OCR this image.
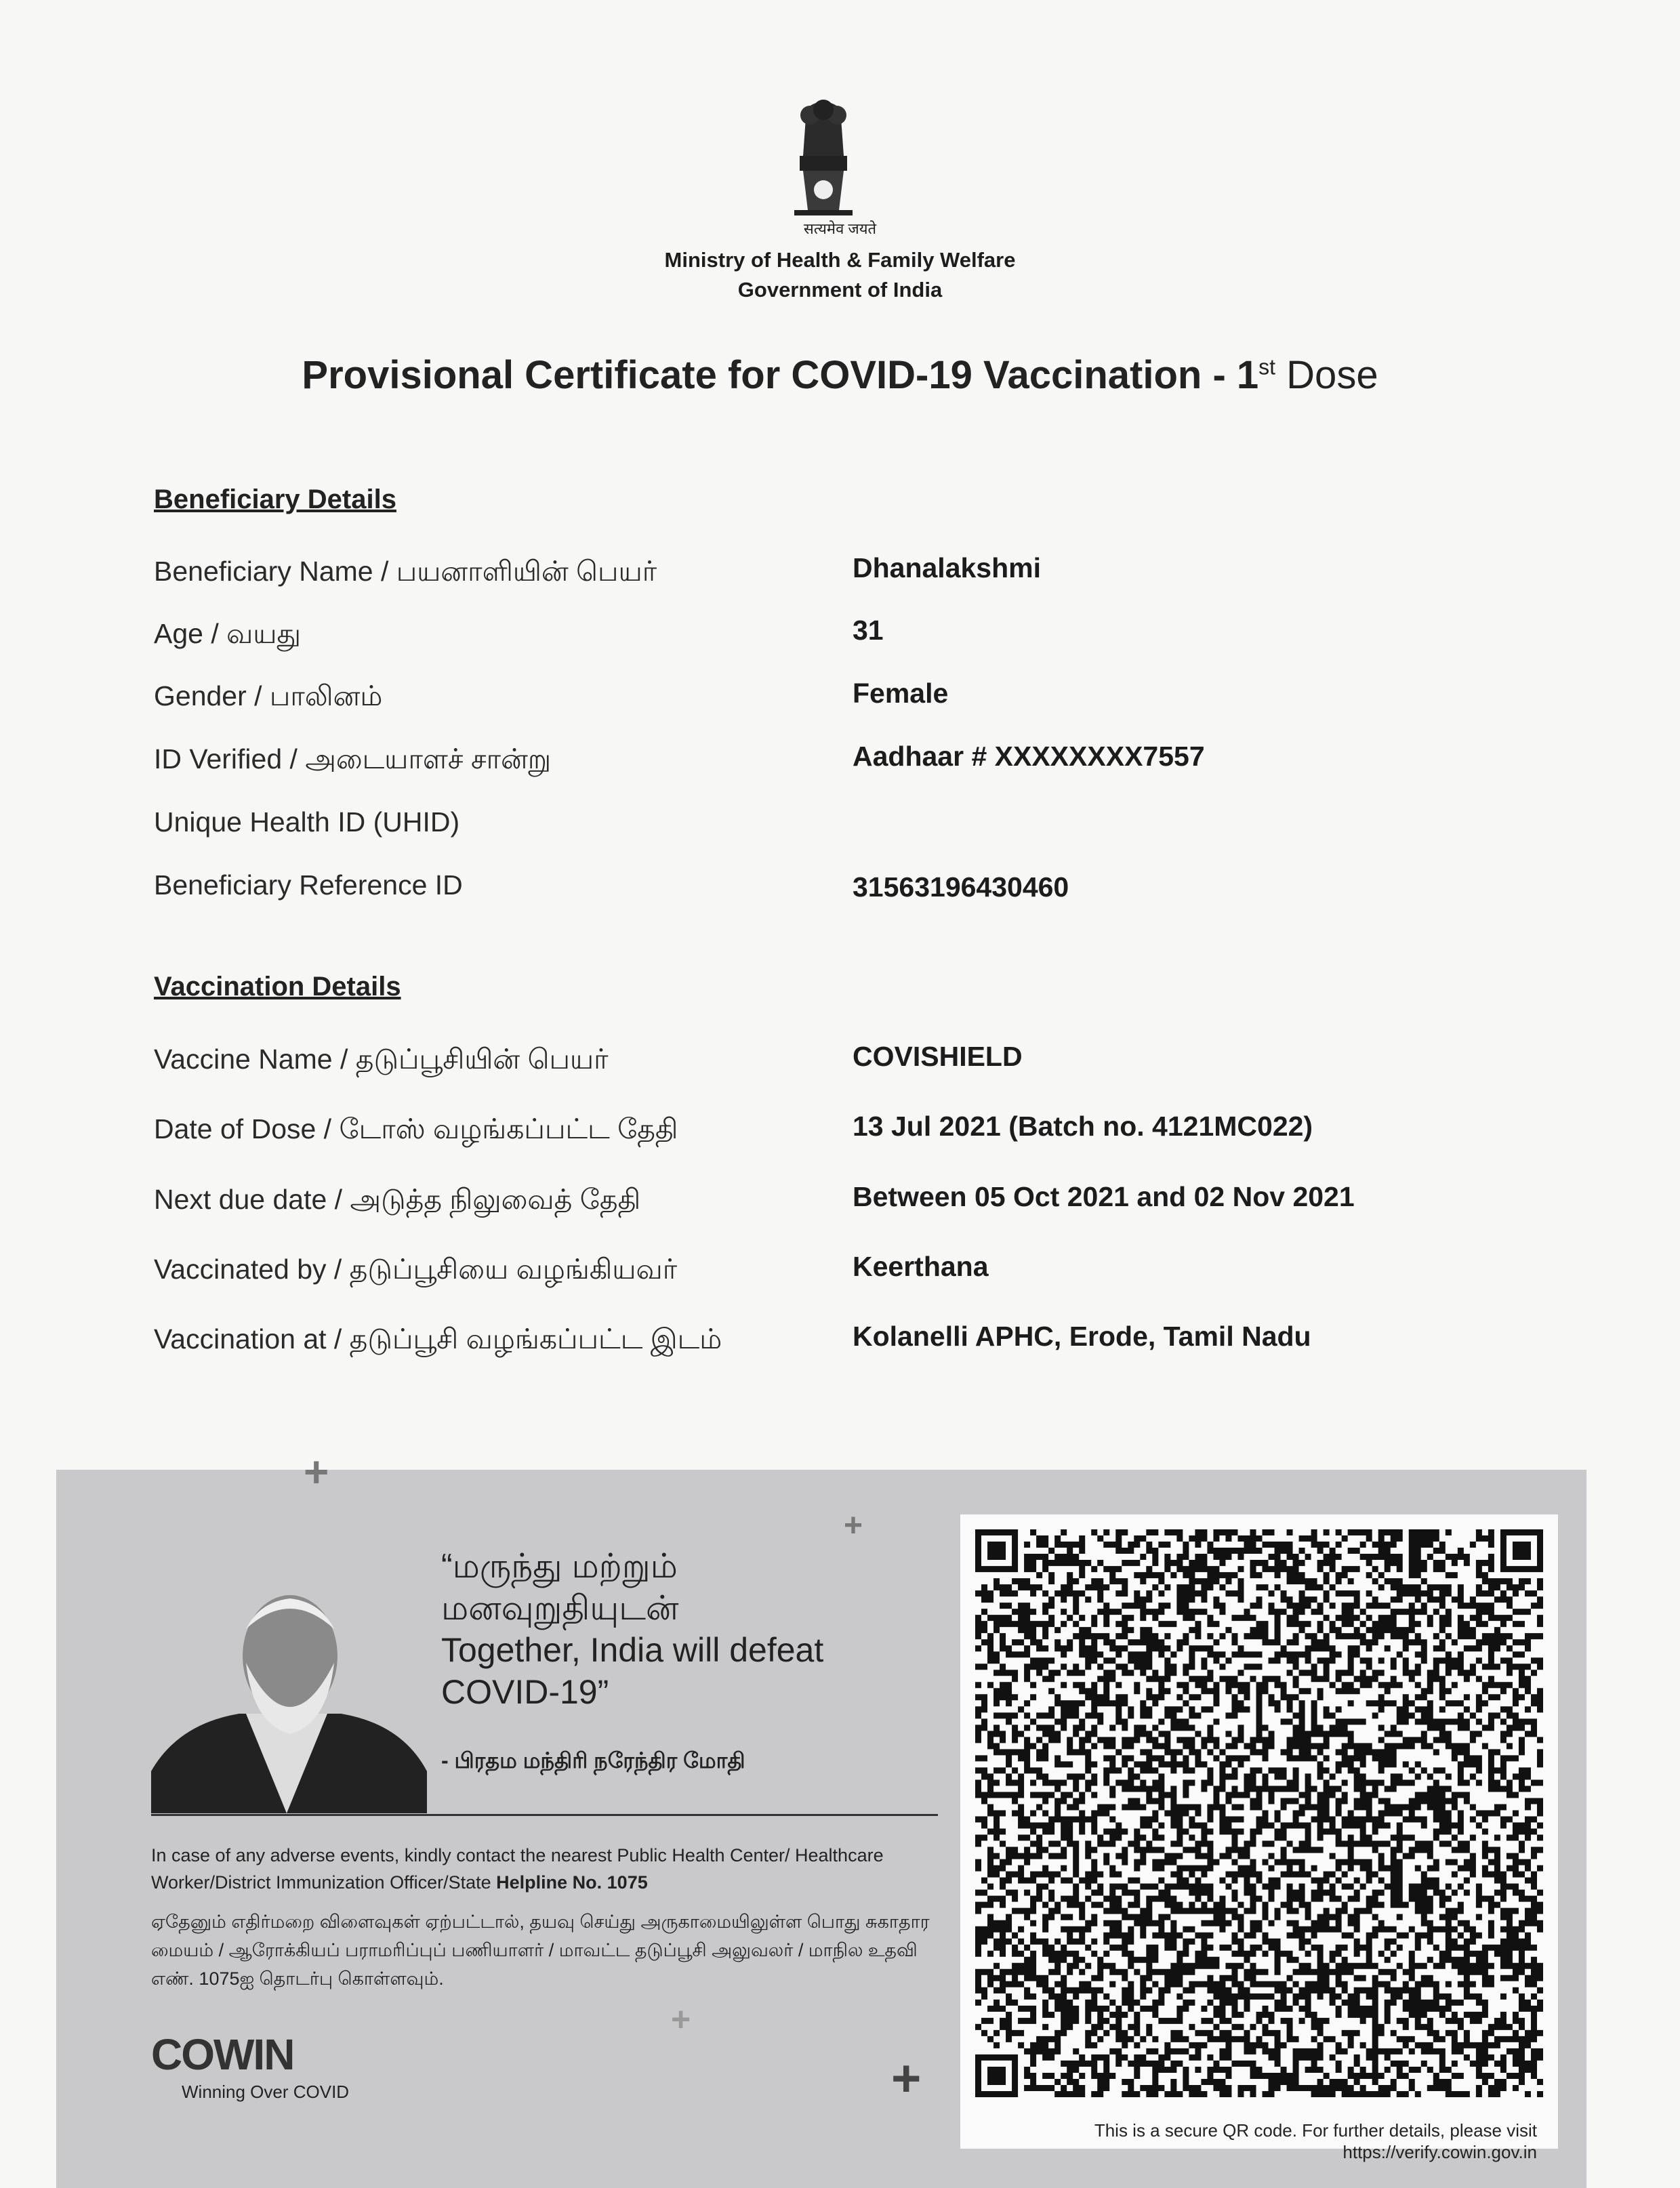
सत्यमेव जयते
Ministry of Health & Family Welfare
Government of India
Provisional Certificate for COVID-19 Vaccination - 1st Dose
Beneficiary Details
Beneficiary Name / பயனாளியின் பெயர்	Dhanalakshmi
Age / வயது	31
Gender / பாலினம்	Female
ID Verified / அடையாளச் சான்று	Aadhaar # XXXXXXXX7557
Unique Health ID (UHID)
Beneficiary Reference ID	31563196430460
Vaccination Details
Vaccine Name / தடுப்பூசியின் பெயர்	COVISHIELD
Date of Dose / டோஸ் வழங்கப்பட்ட தேதி	13 Jul 2021 (Batch no. 4121MC022)
Next due date / அடுத்த நிலுவைத் தேதி	Between 05 Oct 2021 and 02 Nov 2021
Vaccinated by / தடுப்பூசியை வழங்கியவர்	Keerthana
Vaccination at / தடுப்பூசி வழங்கப்பட்ட இடம்	Kolanelli APHC, Erode, Tamil Nadu
+
+
+
+
“மருந்து மற்றும்
மனவுறுதியுடன்
Together, India will defeat
COVID-19”
- பிரதம மந்திரி நரேந்திர மோதி
In case of any adverse events, kindly contact the nearest Public Health Center/ Healthcare Worker/District Immunization Officer/State Helpline No. 1075
ஏதேனும் எதிர்மறை விளைவுகள் ஏற்பட்டால், தயவு செய்து அருகாமையிலுள்ள பொது சுகாதார மையம் / ஆரோக்கியப் பராமரிப்புப் பணியாளர் / மாவட்ட தடுப்பூசி அலுவலர் / மாநில உதவி எண். 1075ஐ தொடர்பு கொள்ளவும்.
COWIN
Winning Over COVID
This is a secure QR code. For further details, please visit
https://verify.cowin.gov.in
